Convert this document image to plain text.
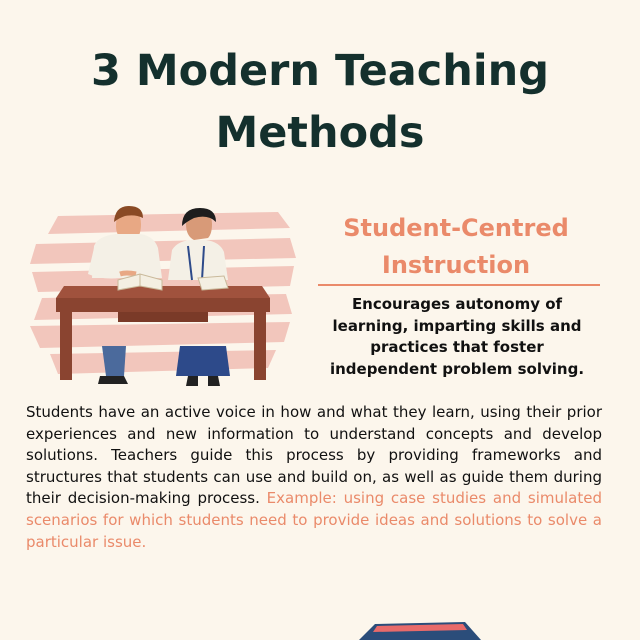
3 Modern Teaching Methods
Student-Centred Instruction
Encourages autonomy of learning, imparting skills and practices that foster independent problem solving.

Students have an active voice in how and what they learn, using their prior experiences and new information to understand concepts and develop solutions. Teachers guide this process by providing frameworks and structures that students can use and build on, as well as guide them during their decision-making process. Example: using case studies and simulated scenarios for which students need to provide ideas and solutions to solve a particular issue.
